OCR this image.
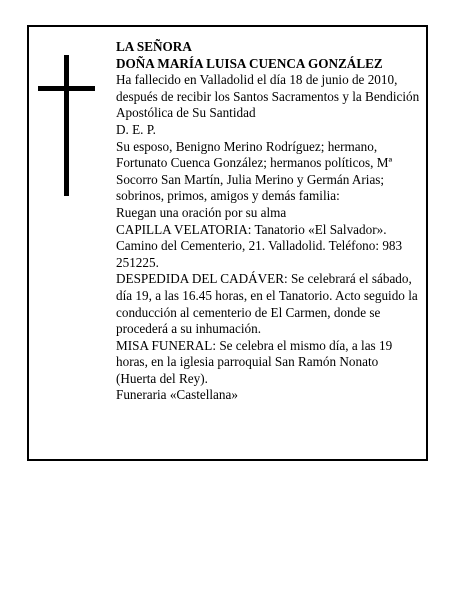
LA SEÑORA

DOÑA MARÍA LUISA CUENCA GONZÁLEZ

Ha fallecido en Valladolid el día 18 de junio de 2010, después de recibir los Santos Sacramentos y la Bendición Apostólica de Su Santidad

D. E. P.

Su esposo, Benigno Merino Rodríguez; hermano, Fortunato Cuenca González; hermanos políticos, Mª Socorro San Martín, Julia Merino y Germán Arias; sobrinos, primos, amigos y demás familia:

Ruegan una oración por su alma

CAPILLA VELATORIA: Tanatorio «El Salvador». Camino del Cementerio, 21. Valladolid. Teléfono: 983 251225.

DESPEDIDA DEL CADÁVER: Se celebrará el sábado, día 19, a las 16.45 horas, en el Tanatorio. Acto seguido la conducción al cementerio de El Carmen, donde se procederá a su inhumación.

MISA FUNERAL: Se celebra el mismo día, a las 19 horas, en la iglesia parroquial San Ramón Nonato (Huerta del Rey).

Funeraria «Castellana»
